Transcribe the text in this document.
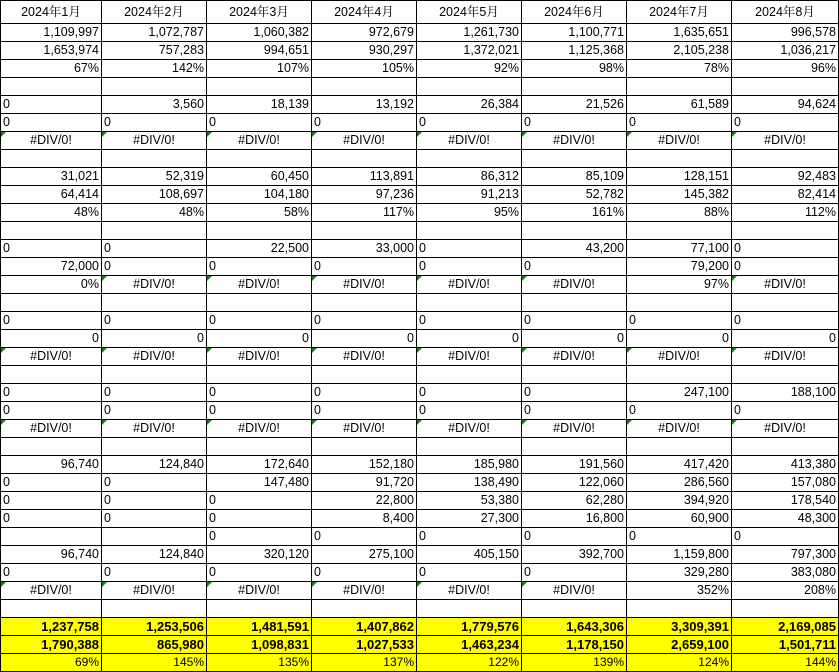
2024年1月	2024年2月	2024年3月	2024年4月	2024年5月	2024年6月	2024年7月	2024年8月
1,109,997	1,072,787	1,060,382	972,679	1,261,730	1,100,771	1,635,651	996,578
1,653,974	757,283	994,651	930,297	1,372,021	1,125,368	2,105,238	1,036,217
67%	142%	107%	105%	92%	98%	78%	96%

0	3,560	18,139	13,192	26,384	21,526	61,589	94,624
0	0	0	0	0	0	0	0
#DIV/0!	#DIV/0!	#DIV/0!	#DIV/0!	#DIV/0!	#DIV/0!	#DIV/0!	#DIV/0!

31,021	52,319	60,450	113,891	86,312	85,109	128,151	92,483
64,414	108,697	104,180	97,236	91,213	52,782	145,382	82,414
48%	48%	58%	117%	95%	161%	88%	112%

0	0	22,500	33,000	0	43,200	77,100	0
72,000	0	0	0	0	0	79,200	0
0%	#DIV/0!	#DIV/0!	#DIV/0!	#DIV/0!	#DIV/0!	97%	#DIV/0!

0	0	0	0	0	0	0	0
0	0	0	0	0	0	0	0
#DIV/0!	#DIV/0!	#DIV/0!	#DIV/0!	#DIV/0!	#DIV/0!	#DIV/0!	#DIV/0!

0	0	0	0	0	0	247,100	188,100
0	0	0	0	0	0	0	0
#DIV/0!	#DIV/0!	#DIV/0!	#DIV/0!	#DIV/0!	#DIV/0!	#DIV/0!	#DIV/0!

96,740	124,840	172,640	152,180	185,980	191,560	417,420	413,380
0	0	147,480	91,720	138,490	122,060	286,560	157,080
0	0	0	22,800	53,380	62,280	394,920	178,540
0	0	0	8,400	27,300	16,800	60,900	48,300
		0	0	0	0	0	0
96,740	124,840	320,120	275,100	405,150	392,700	1,159,800	797,300
0	0	0	0	0	0	329,280	383,080
#DIV/0!	#DIV/0!	#DIV/0!	#DIV/0!	#DIV/0!	#DIV/0!	352%	208%

1,237,758	1,253,506	1,481,591	1,407,862	1,779,576	1,643,306	3,309,391	2,169,085
1,790,388	865,980	1,098,831	1,027,533	1,463,234	1,178,150	2,659,100	1,501,711
69%	145%	135%	137%	122%	139%	124%	144%
